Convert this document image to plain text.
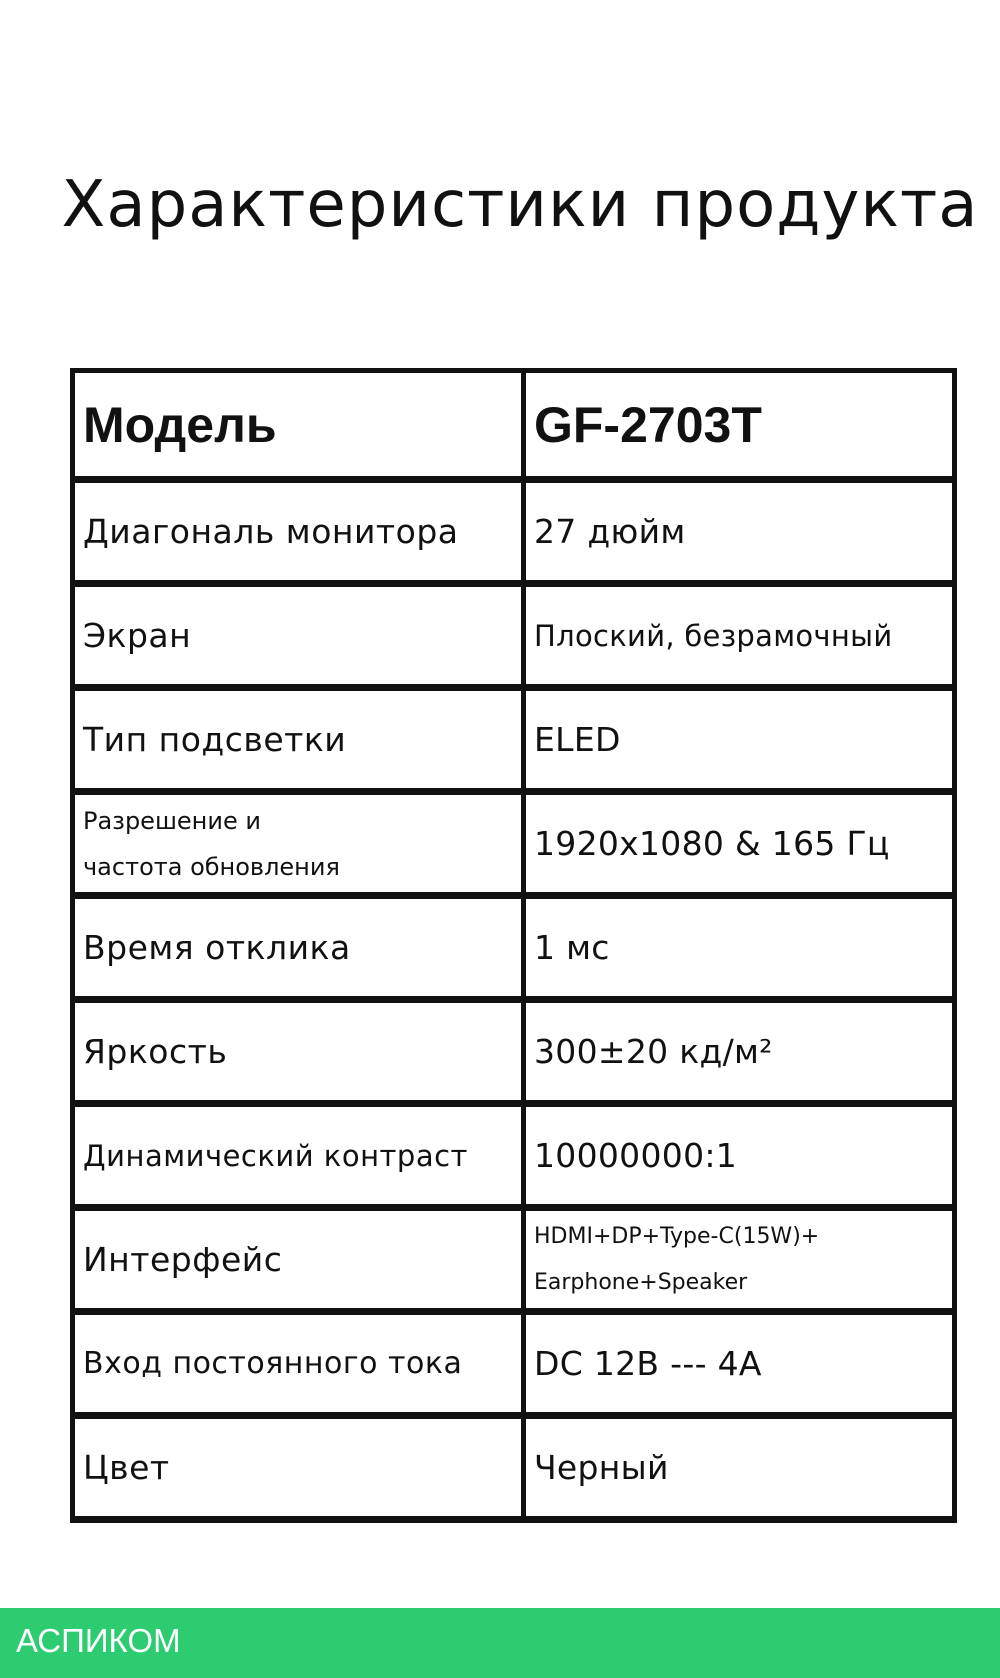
Характеристики продукта
Модель	GF-2703T
Диагональ монитора	27 дюйм
Экран	Плоский, безрамочный
Тип подсветки	ELED

Разрешение и
частота обновления	1920x1080 & 165 Гц
Время отклика	1 мс
Яркость	300±20 кд/м²
Динамический контраст	10000000:1
Интерфейс	HDMI+DP+Type-C(15W)+
Earphone+Speaker

Вход постоянного тока	DC 12В --- 4А
Цвет	Черный
АСПИКОМ
